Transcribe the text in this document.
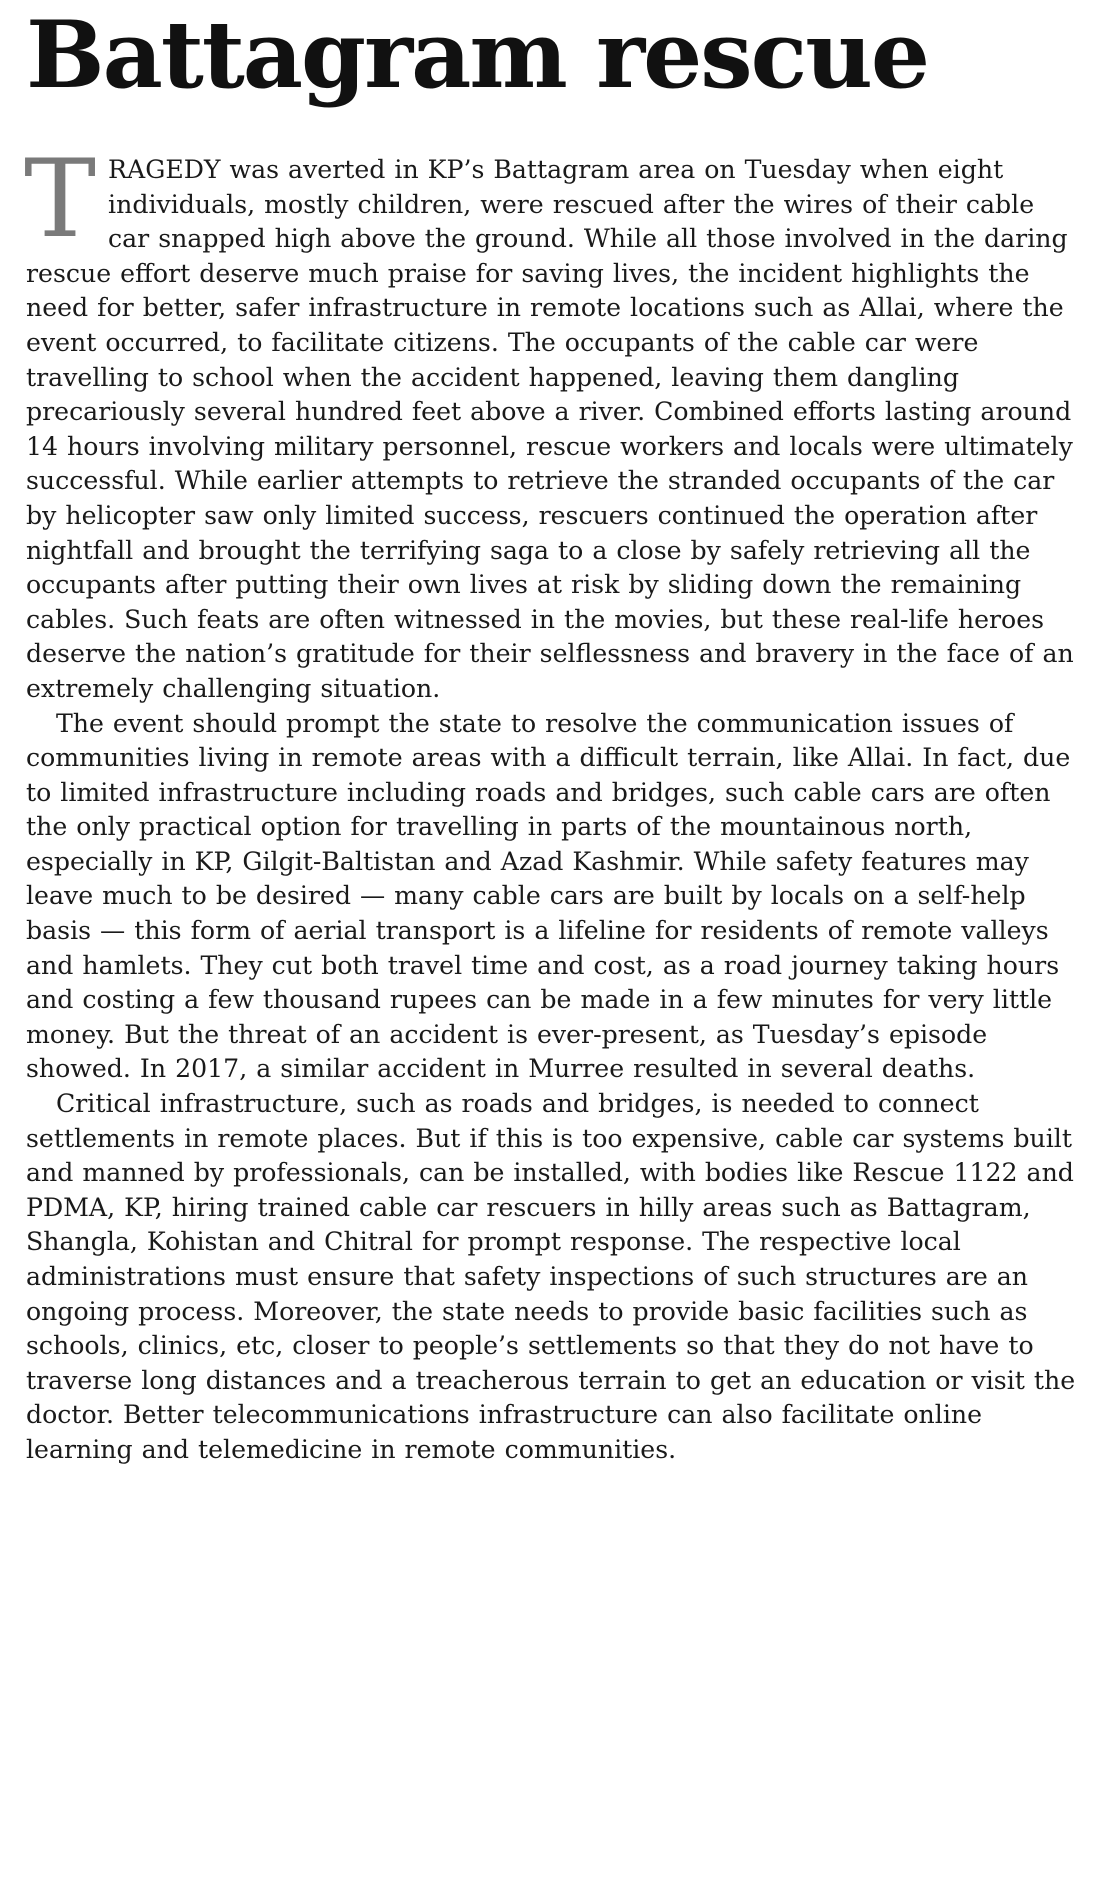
Battagram rescue

TRAGEDY was averted in KP’s Battagram area on Tuesday when eight individuals, mostly children, were rescued after the wires of their cable car snapped high above the ground. While all those involved in the daring rescue effort deserve much praise for saving lives, the incident highlights the need for better, safer infrastructure in remote locations such as Allai, where the event occurred, to facilitate citizens. The occupants of the cable car were travelling to school when the accident happened, leaving them dangling precariously several hundred feet above a river. Combined efforts lasting around 14 hours involving military personnel, rescue workers and locals were ultimately successful. While earlier attempts to retrieve the stranded occupants of the car by helicopter saw only limited success, rescuers continued the operation after nightfall and brought the terrifying saga to a close by safely retrieving all the occupants after putting their own lives at risk by sliding down the remaining cables. Such feats are often witnessed in the movies, but these real-life heroes deserve the nation’s gratitude for their selflessness and bravery in the face of an extremely challenging situation.

The event should prompt the state to resolve the communication issues of communities living in remote areas with a difficult terrain, like Allai. In fact, due to limited infrastructure including roads and bridges, such cable cars are often the only practical option for travelling in parts of the mountainous north, especially in KP, Gilgit-Baltistan and Azad Kashmir. While safety features may leave much to be desired — many cable cars are built by locals on a self-help basis — this form of aerial transport is a lifeline for residents of remote valleys and hamlets. They cut both travel time and cost, as a road journey taking hours and costing a few thousand rupees can be made in a few minutes for very little money. But the threat of an accident is ever-present, as Tuesday’s episode showed. In 2017, a similar accident in Murree resulted in several deaths.

Critical infrastructure, such as roads and bridges, is needed to connect settlements in remote places. But if this is too expensive, cable car systems built and manned by professionals, can be installed, with bodies like Rescue 1122 and PDMA, KP, hiring trained cable car rescuers in hilly areas such as Battagram, Shangla, Kohistan and Chitral for prompt response. The respective local administrations must ensure that safety inspections of such structures are an ongoing process. Moreover, the state needs to provide basic facilities such as schools, clinics, etc, closer to people’s settlements so that they do not have to traverse long distances and a treacherous terrain to get an education or visit the doctor. Better telecommunications infrastructure can also facilitate online learning and telemedicine in remote communities.
